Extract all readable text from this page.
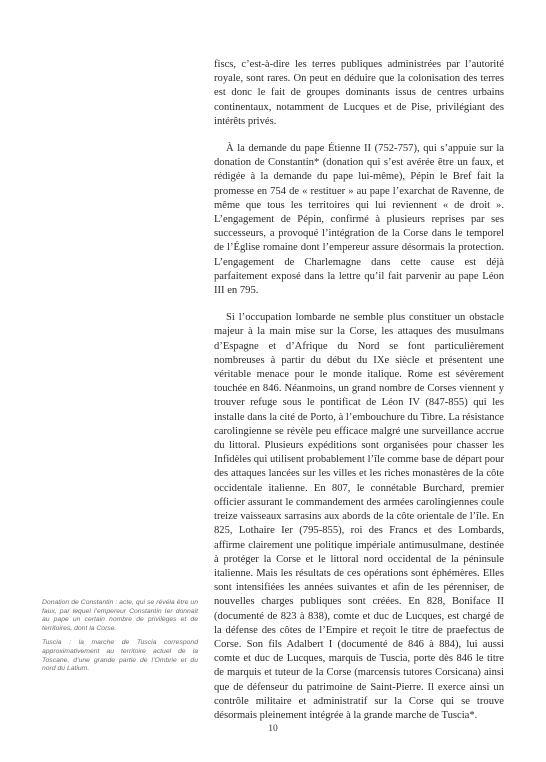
fiscs, c’est-à-dire les terres publiques administrées par l’autorité royale, sont rares. On peut en déduire que la colonisation des terres est donc le fait de groupes dominants issus de centres urbains continentaux, notamment de Lucques et de Pise, privilégiant des intérêts privés.

À la demande du pape Étienne II (752-757), qui s’appuie sur la donation de Constantin* (donation qui s’est avérée être un faux, et rédigée à la demande du pape lui-même), Pépin le Bref fait la promesse en 754 de « restituer » au pape l’exarchat de Ravenne, de même que tous les territoires qui lui reviennent « de droit ». L’engagement de Pépin, confirmé à plusieurs reprises par ses successeurs, a provoqué l’intégration de la Corse dans le temporel de l’Église romaine dont l’empereur assure désormais la protection. L’engagement de Charlemagne dans cette cause est déjà parfaitement exposé dans la lettre qu’il fait parvenir au pape Léon III en 795.

Si l’occupation lombarde ne semble plus constituer un obstacle majeur à la main mise sur la Corse, les attaques des musulmans d’Espagne et d’Afrique du Nord se font particulièrement nombreuses à partir du début du IXe siècle et présentent une véritable menace pour le monde italique. Rome est sévèrement touchée en 846. Néanmoins, un grand nombre de Corses viennent y trouver refuge sous le pontificat de Léon IV (847-855) qui les installe dans la cité de Porto, à l’embouchure du Tibre. La résistance carolingienne se révèle peu efficace malgré une surveillance accrue du littoral. Plusieurs expéditions sont organisées pour chasser les Infidèles qui utilisent probablement l’île comme base de départ pour des attaques lancées sur les villes et les riches monastères de la côte occidentale italienne. En 807, le connétable Burchard, premier officier assurant le commandement des armées carolingiennes coule treize vaisseaux sarrasins aux abords de la côte orientale de l’île. En 825, Lothaire Ier (795-855), roi des Francs et des Lombards, affirme clairement une politique impériale antimusulmane, destinée à protéger la Corse et le littoral nord occidental de la péninsule italienne. Mais les résultats de ces opérations sont éphémères. Elles sont intensifiées les années suivantes et afin de les pérenniser, de nouvelles charges publiques sont créées. En 828, Boniface II (documenté de 823 à 838), comte et duc de Lucques, est chargé de la défense des côtes de l’Empire et reçoit le titre de praefectus de Corse. Son fils Adalbert I (documenté de 846 à 884), lui aussi comte et duc de Lucques, marquis de Tuscia, porte dès 846 le titre de marquis et tuteur de la Corse (marcensis tutores Corsicana) ainsi que de défenseur du patrimoine de Saint-Pierre. Il exerce ainsi un contrôle militaire et administratif sur la Corse qui se trouve désormais pleinement intégrée à la grande marche de Tuscia*.

Donation de Constantin : acte, qui se révéla être un faux, par lequel l’empereur Constantin Ier donnait au pape un certain nombre de privilèges et de territoires, dont la Corse.

Tuscia : la marche de Tuscia correspond approximativement au territoire actuel de la Toscane, d’une grande partie de l’Ombrie et du nord du Latium.

10
